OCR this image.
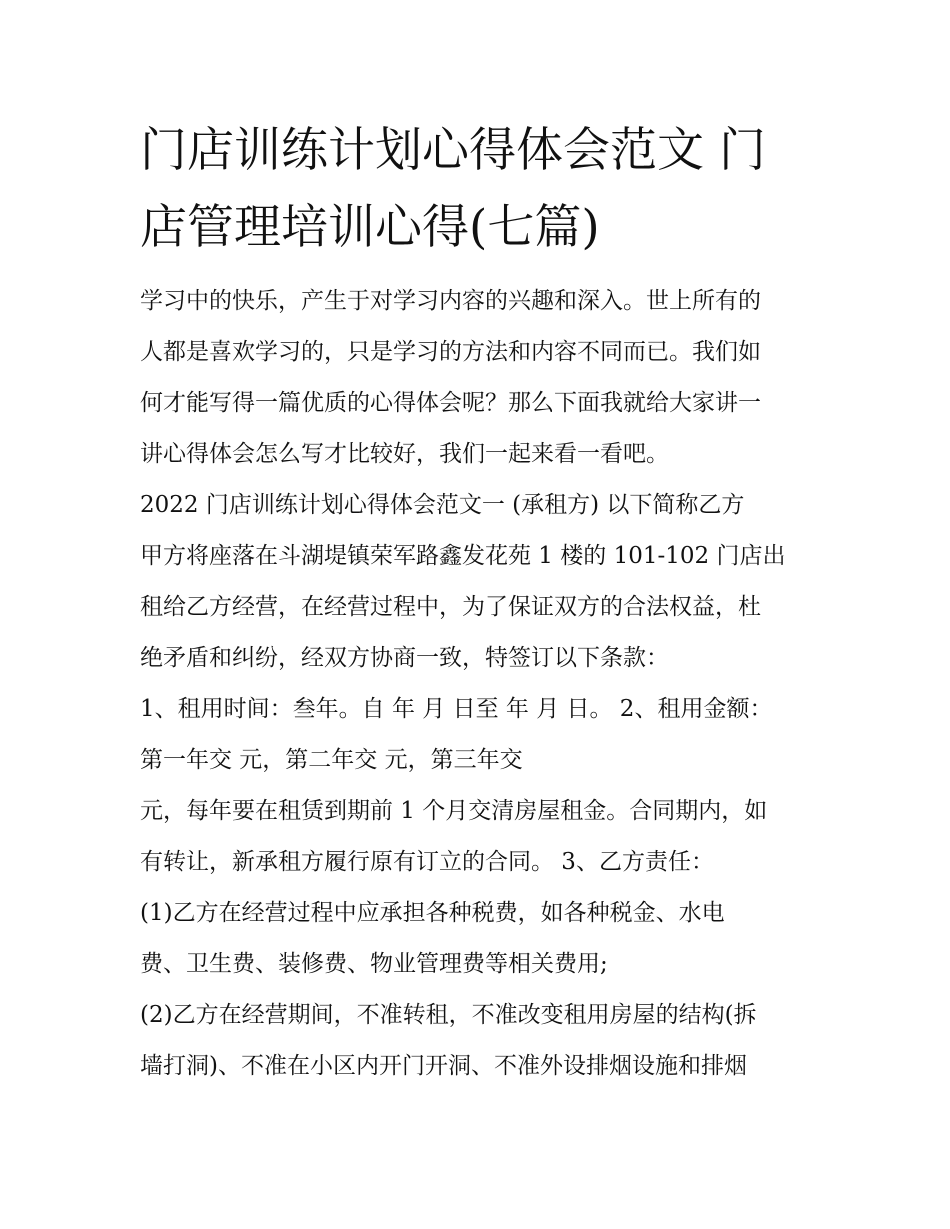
门店训练计划心得体会范文 门
店管理培训心得(七篇)
学习中的快乐，产生于对学习内容的兴趣和深入。世上所有的
人都是喜欢学习的，只是学习的方法和内容不同而已。我们如
何才能写得一篇优质的心得体会呢？那么下面我就给大家讲一
讲心得体会怎么写才比较好，我们一起来看一看吧。
2022 门店训练计划心得体会范文一 (承租方) 以下简称乙方
甲方将座落在斗湖堤镇荣军路鑫发花苑 1 楼的 101-102 门店出
租给乙方经营，在经营过程中，为了保证双方的合法权益，杜
绝矛盾和纠纷，经双方协商一致，特签订以下条款：
1、租用时间：叁年。自 年 月 日至 年 月 日。 2、租用金额：
第一年交 元，第二年交 元，第三年交
元，每年要在租赁到期前 1 个月交清房屋租金。合同期内，如
有转让，新承租方履行原有订立的合同。 3、乙方责任：
(1)乙方在经营过程中应承担各种税费，如各种税金、水电
费、卫生费、装修费、物业管理费等相关费用;
(2)乙方在经营期间，不准转租，不准改变租用房屋的结构(拆
墙打洞)、不准在小区内开门开洞、不准外设排烟设施和排烟
